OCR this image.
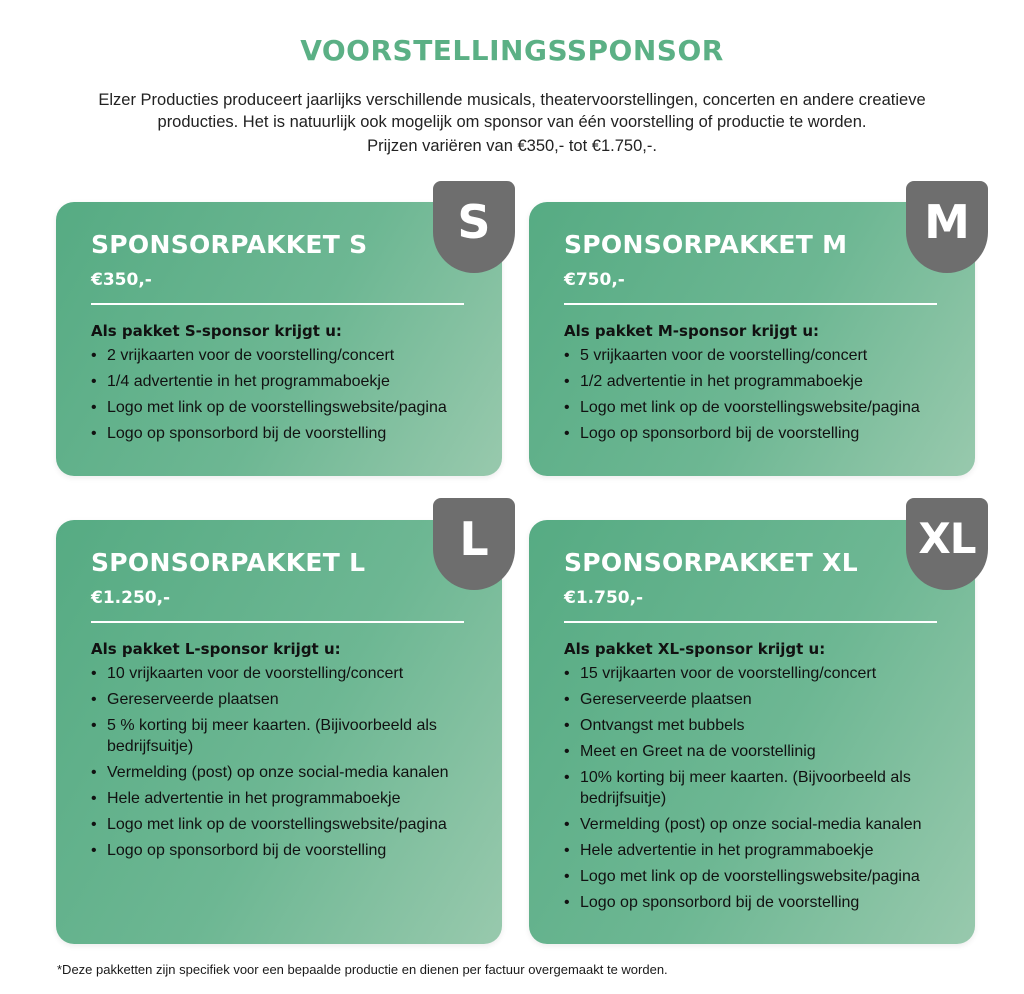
VOORSTELLINGSSPONSOR

Elzer Producties produceert jaarlijks verschillende musicals, theatervoorstellingen, concerten en andere creatieve producties. Het is natuurlijk ook mogelijk om sponsor van één voorstelling of productie te worden.

Prijzen variëren van €350,- tot €1.750,-.

SPONSORPAKKET S
€350,-
Als pakket S-sponsor krijgt u:
• 2 vrijkaarten voor de voorstelling/concert
• 1/4 advertentie in het programmaboekje
• Logo met link op de voorstellingswebsite/pagina
• Logo op sponsorbord bij de voorstelling
S	SPONSORPAKKET M
€750,-
Als pakket M-sponsor krijgt u:
• 5 vrijkaarten voor de voorstelling/concert
• 1/2 advertentie in het programmaboekje
• Logo met link op de voorstellingswebsite/pagina
• Logo op sponsorbord bij de voorstelling
M
SPONSORPAKKET L
€1.250,-
Als pakket L-sponsor krijgt u:
• 10 vrijkaarten voor de voorstelling/concert
• Gereserveerde plaatsen
• 5 % korting bij meer kaarten. (Bijivoorbeeld als bedrijfsuitje)
• Vermelding (post) op onze social-media kanalen
• Hele advertentie in het programmaboekje
• Logo met link op de voorstellingswebsite/pagina
• Logo op sponsorbord bij de voorstelling
L	SPONSORPAKKET XL
€1.750,-
Als pakket XL-sponsor krijgt u:
• 15 vrijkaarten voor de voorstelling/concert
• Gereserveerde plaatsen
• Ontvangst met bubbels
• Meet en Greet na de voorstellinig
• 10% korting bij meer kaarten. (Bijvoorbeeld als bedrijfsuitje)
• Vermelding (post) op onze social-media kanalen
• Hele advertentie in het programmaboekje
• Logo met link op de voorstellingswebsite/pagina
• Logo op sponsorbord bij de voorstelling
XL

*Deze pakketten zijn specifiek voor een bepaalde productie en dienen per factuur overgemaakt te worden.
